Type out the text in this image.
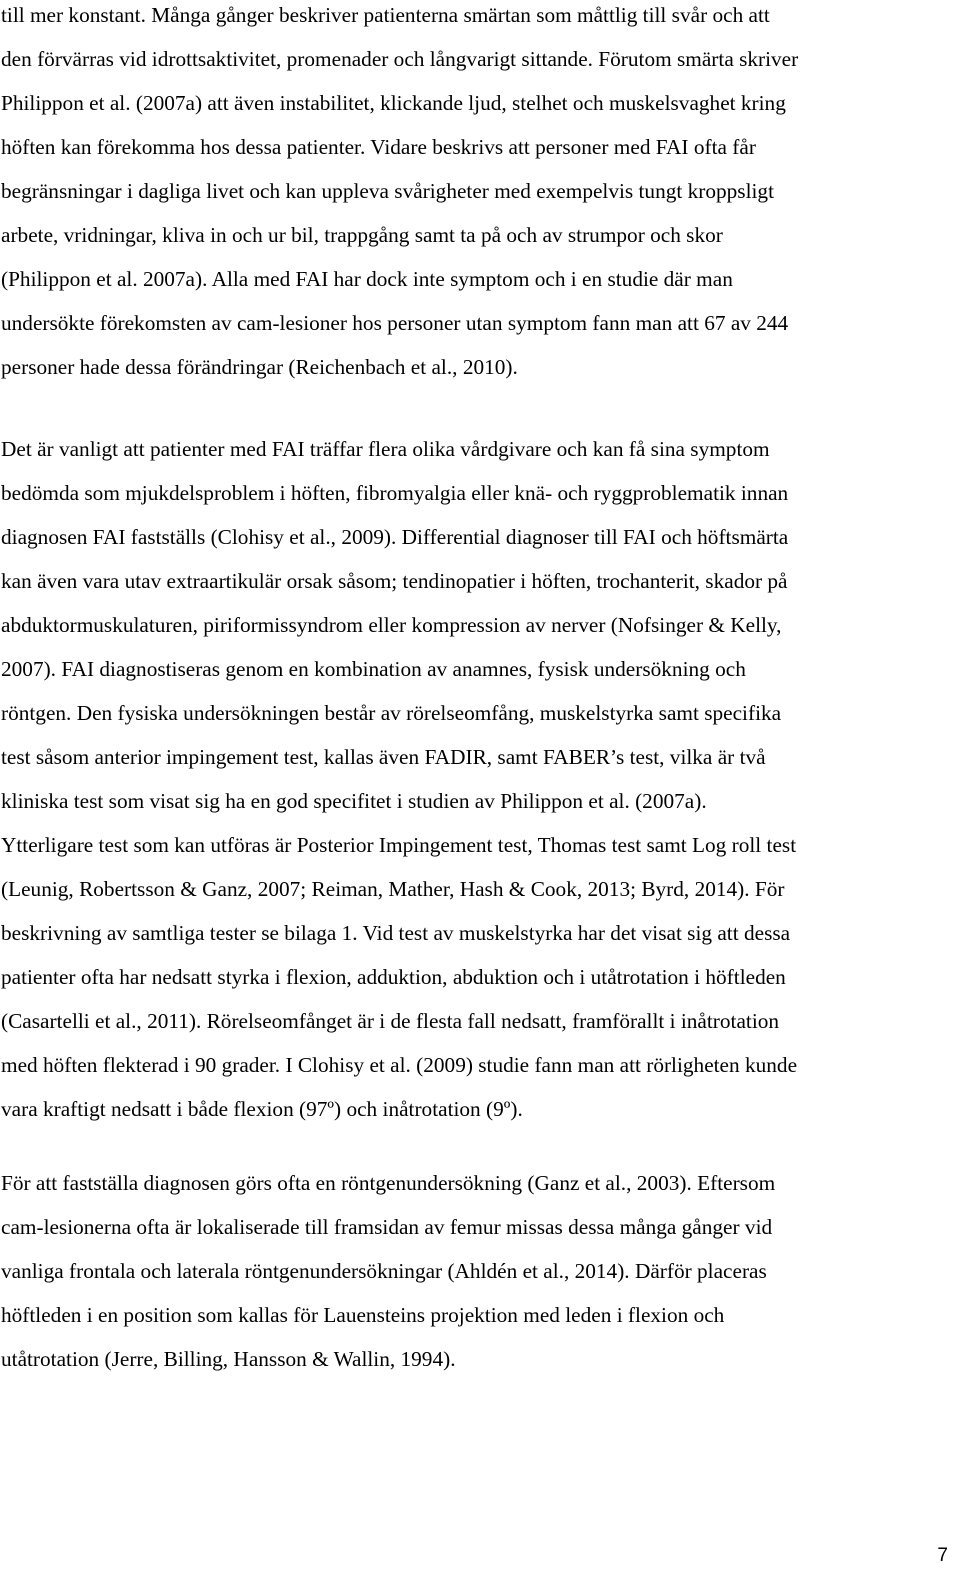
till mer konstant. Många gånger beskriver patienterna smärtan som måttlig till svår och att
den förvärras vid idrottsaktivitet, promenader och långvarigt sittande. Förutom smärta skriver
Philippon et al. (2007a) att även instabilitet, klickande ljud, stelhet och muskelsvaghet kring
höften kan förekomma hos dessa patienter. Vidare beskrivs att personer med FAI ofta får
begränsningar i dagliga livet och kan uppleva svårigheter med exempelvis tungt kroppsligt
arbete, vridningar, kliva in och ur bil, trappgång samt ta på och av strumpor och skor
(Philippon et al. 2007a). Alla med FAI har dock inte symptom och i en studie där man
undersökte förekomsten av cam-lesioner hos personer utan symptom fann man att 67 av 244
personer hade dessa förändringar (Reichenbach et al., 2010).
Det är vanligt att patienter med FAI träffar flera olika vårdgivare och kan få sina symptom
bedömda som mjukdelsproblem i höften, fibromyalgia eller knä- och ryggproblematik innan
diagnosen FAI fastställs (Clohisy et al., 2009). Differential diagnoser till FAI och höftsmärta
kan även vara utav extraartikulär orsak såsom; tendinopatier i höften, trochanterit, skador på
abduktormuskulaturen, piriformissyndrom eller kompression av nerver (Nofsinger & Kelly,
2007). FAI diagnostiseras genom en kombination av anamnes, fysisk undersökning och
röntgen. Den fysiska undersökningen består av rörelseomfång, muskelstyrka samt specifika
test såsom anterior impingement test, kallas även FADIR, samt FABER’s test, vilka är två
kliniska test som visat sig ha en god specifitet i studien av Philippon et al. (2007a).
Ytterligare test som kan utföras är Posterior Impingement test, Thomas test samt Log roll test
(Leunig, Robertsson & Ganz, 2007; Reiman, Mather, Hash & Cook, 2013; Byrd, 2014). För
beskrivning av samtliga tester se bilaga 1. Vid test av muskelstyrka har det visat sig att dessa
patienter ofta har nedsatt styrka i flexion, adduktion, abduktion och i utåtrotation i höftleden
(Casartelli et al., 2011). Rörelseomfånget är i de flesta fall nedsatt, framförallt i inåtrotation
med höften flekterad i 90 grader. I Clohisy et al. (2009) studie fann man att rörligheten kunde
vara kraftigt nedsatt i både flexion (97º) och inåtrotation (9º).
För att fastställa diagnosen görs ofta en röntgenundersökning (Ganz et al., 2003). Eftersom
cam-lesionerna ofta är lokaliserade till framsidan av femur missas dessa många gånger vid
vanliga frontala och laterala röntgenundersökningar (Ahldén et al., 2014). Därför placeras
höftleden i en position som kallas för Lauensteins projektion med leden i flexion och
utåtrotation (Jerre, Billing, Hansson & Wallin, 1994).
7
